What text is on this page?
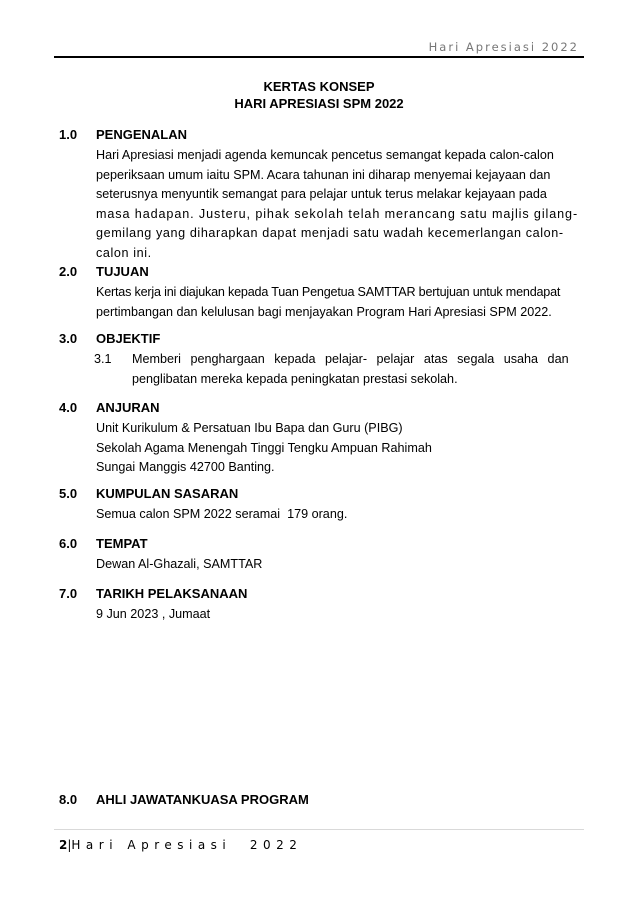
Hari Apresiasi 2022
KERTAS KONSEP
HARI APRESIASI SPM 2022
1.0 PENGENALAN
Hari Apresiasi menjadi agenda kemuncak pencetus semangat kepada calon-calon
peperiksaan umum iaitu SPM. Acara tahunan ini diharap menyemai kejayaan dan
seterusnya menyuntik semangat para pelajar untuk terus melakar kejayaan pada
masa hadapan. Justeru, pihak sekolah telah merancang satu majlis gilang-
gemilang yang diharapkan dapat menjadi satu wadah kecemerlangan calon-
calon ini.
2.0 TUJUAN
Kertas kerja ini diajukan kepada Tuan Pengetua SAMTTAR bertujuan untuk mendapat
pertimbangan dan kelulusan bagi menjayakan Program Hari Apresiasi SPM 2022.
3.0 OBJEKTIF
3.1 Memberi penghargaan kepada pelajar- pelajar atas segala usaha dan
penglibatan mereka kepada peningkatan prestasi sekolah.
4.0 ANJURAN
Unit Kurikulum & Persatuan Ibu Bapa dan Guru (PIBG)
Sekolah Agama Menengah Tinggi Tengku Ampuan Rahimah
Sungai Manggis 42700 Banting.
5.0 KUMPULAN SASARAN
Semua calon SPM 2022 seramai  179 orang.
6.0 TEMPAT
Dewan Al-Ghazali, SAMTTAR
7.0 TARIKH PELAKSANAAN
9 Jun 2023 , Jumaat
8.0 AHLI JAWATANKUASA PROGRAM
2|Hari Apresiasi  2022
